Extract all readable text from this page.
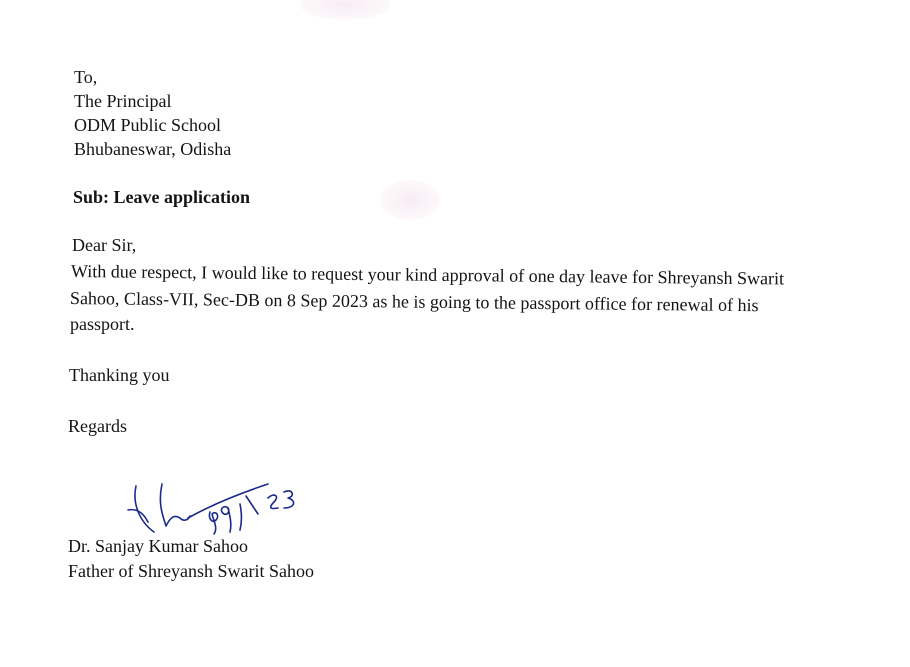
To,
The Principal
ODM Public School
Bhubaneswar, Odisha
Sub: Leave application
Dear Sir,
With due respect, I would like to request your kind approval of one day leave for Shreyansh Swarit
Sahoo, Class-VII, Sec-DB on 8 Sep 2023 as he is going to the passport office for renewal of his
passport.
Thanking you
Regards
Dr. Sanjay Kumar Sahoo
Father of Shreyansh Swarit Sahoo
